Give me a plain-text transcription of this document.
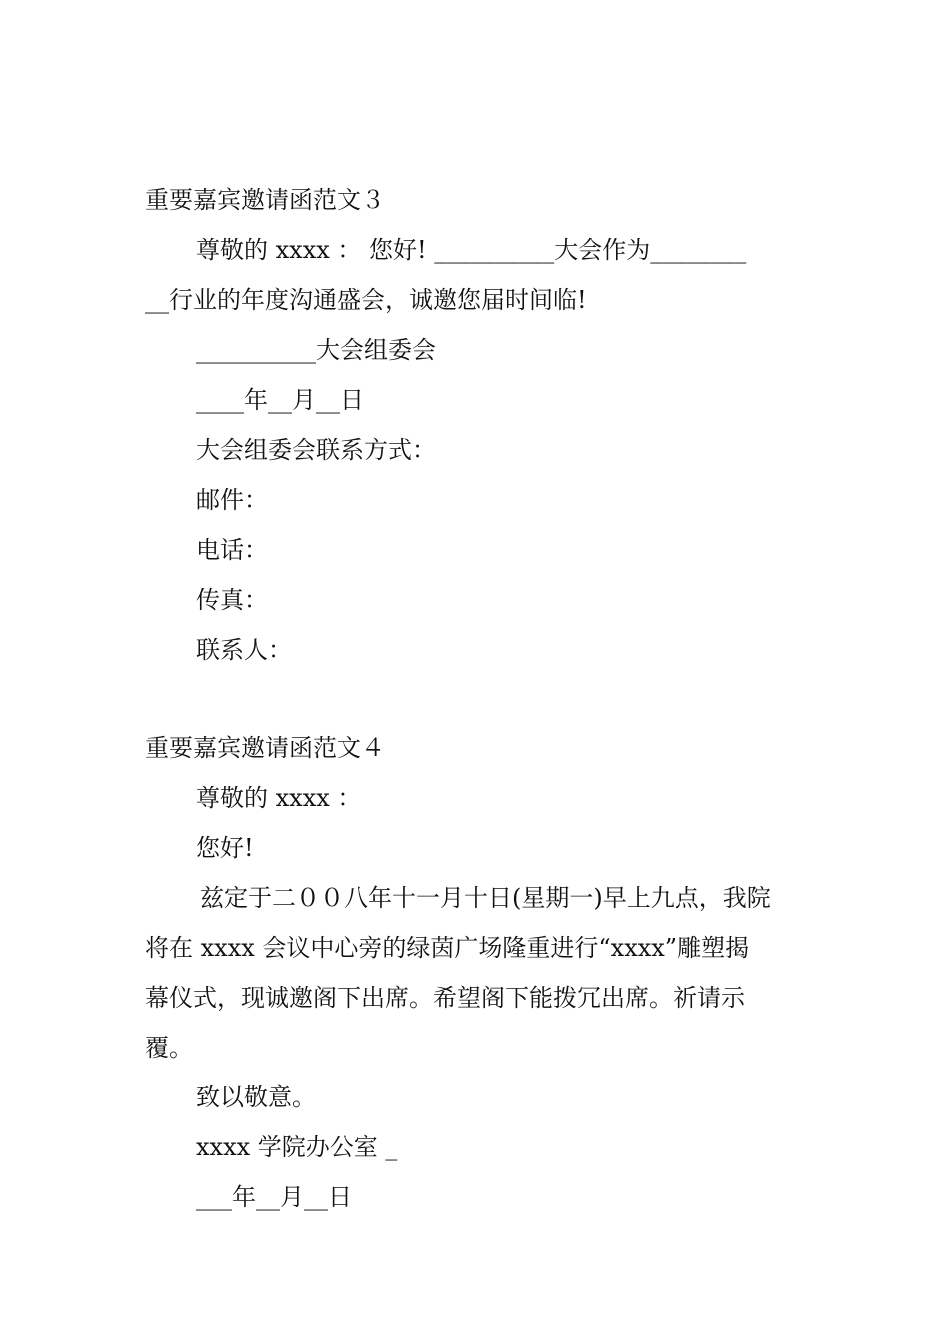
重要嘉宾邀请函范文３
尊敬的 xxxx ： 您好! __________大会作为________
__行业的年度沟通盛会，诚邀您届时间临!
__________大会组委会
____年__月__日
大会组委会联系方式：
邮件：
电话：
传真：
联系人：
重要嘉宾邀请函范文４
尊敬的 xxxx ：
您好!
兹定于二００八年十一月十日(星期一)早上九点，我院
将在 xxxx 会议中心旁的绿茵广场隆重进行“xxxx”雕塑揭
幕仪式，现诚邀阁下出席。希望阁下能拨冗出席。祈请示
覆。
致以敬意。
xxxx 学院办公室 _
___年__月__日
